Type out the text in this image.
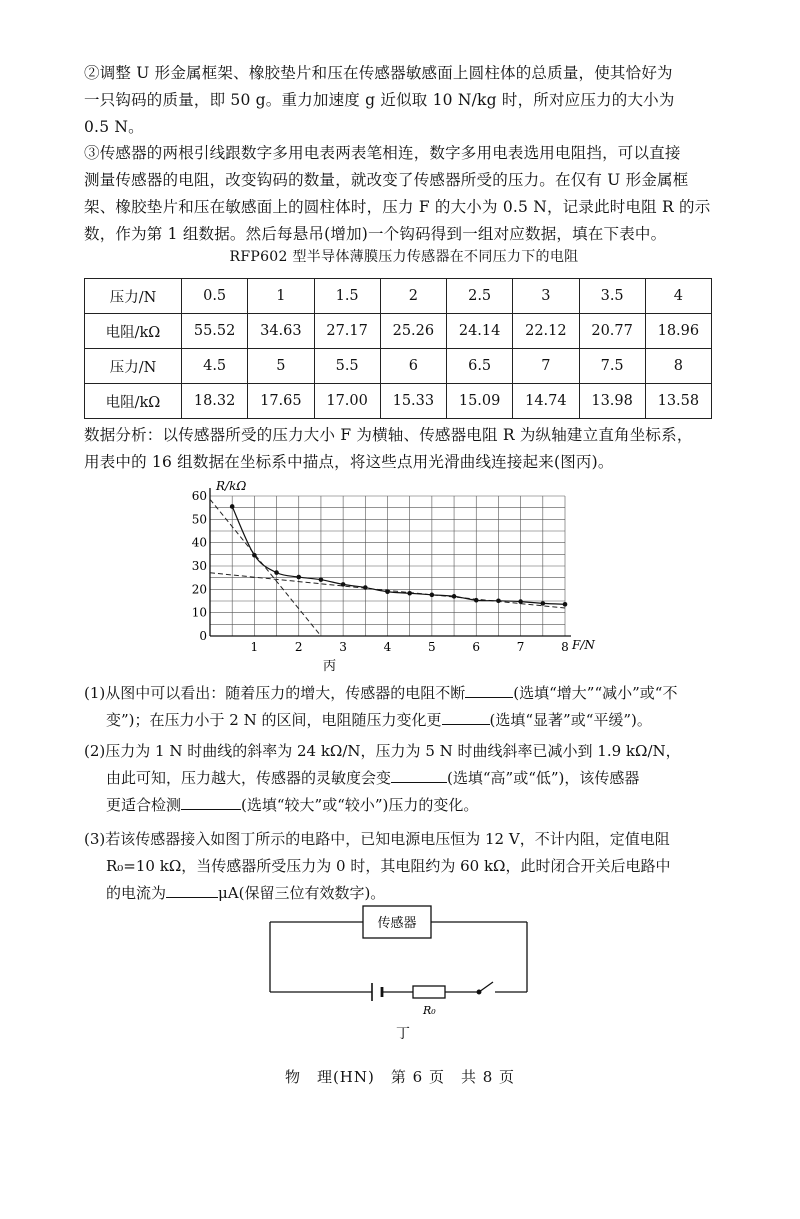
②调整 U 形金属框架、橡胶垫片和压在传感器敏感面上圆柱体的总质量，使其恰好为

一只钩码的质量，即 50 g。重力加速度 g 近似取 10 N/kg 时，所对应压力的大小为

0.5 N。

③传感器的两根引线跟数字多用电表两表笔相连，数字多用电表选用电阻挡，可以直接

测量传感器的电阻，改变钩码的数量，就改变了传感器所受的压力。在仅有 U 形金属框

架、橡胶垫片和压在敏感面上的圆柱体时，压力 F 的大小为 0.5 N，记录此时电阻 R 的示

数，作为第 1 组数据。然后每悬吊(增加)一个钩码得到一组对应数据，填在下表中。

RFP602 型半导体薄膜压力传感器在不同压力下的电阻
压力/N	0.5	1	1.5	2	2.5	3	3.5	4
电阻/kΩ	55.52	34.63	27.17	25.26	24.14	22.12	20.77	18.96
压力/N	4.5	5	5.5	6	6.5	7	7.5	8
电阻/kΩ	18.32	17.65	17.00	15.33	15.09	14.74	13.98	13.58

数据分析：以传感器所受的压力大小 F 为横轴、传感器电阻 R 为纵轴建立直角坐标系，

用表中的 16 组数据在坐标系中描点，将这些点用光滑曲线连接起来(图丙)。

1	2	3	4	5	6	7	8
0
10
20
30
40
50
60
R/kΩ
F/N
丙

(1)从图中可以看出：随着压力的增大，传感器的电阻不断	(选填“增大”“减小”或“不

变”)；在压力小于 2 N 的区间，电阻随压力变化更	(选填“显著”或“平缓”)。

(2)压力为 1 N 时曲线的斜率为 24 kΩ/N，压力为 5 N 时曲线斜率已减小到 1.9 kΩ/N，

由此可知，压力越大，传感器的灵敏度会变	(选填“高”或“低”)，该传感器

更适合检测	(选填“较大”或“较小”)压力的变化。

(3)若该传感器接入如图丁所示的电路中，已知电源电压恒为 12 V，不计内阻，定值电阻

R₀=10 kΩ，当传感器所受压力为 0 时，其电阻约为 60 kΩ，此时闭合开关后电路中

的电流为	μA(保留三位有效数字)。

传感器
R₀
丁
物　理(HN)　第 6 页　共 8 页
